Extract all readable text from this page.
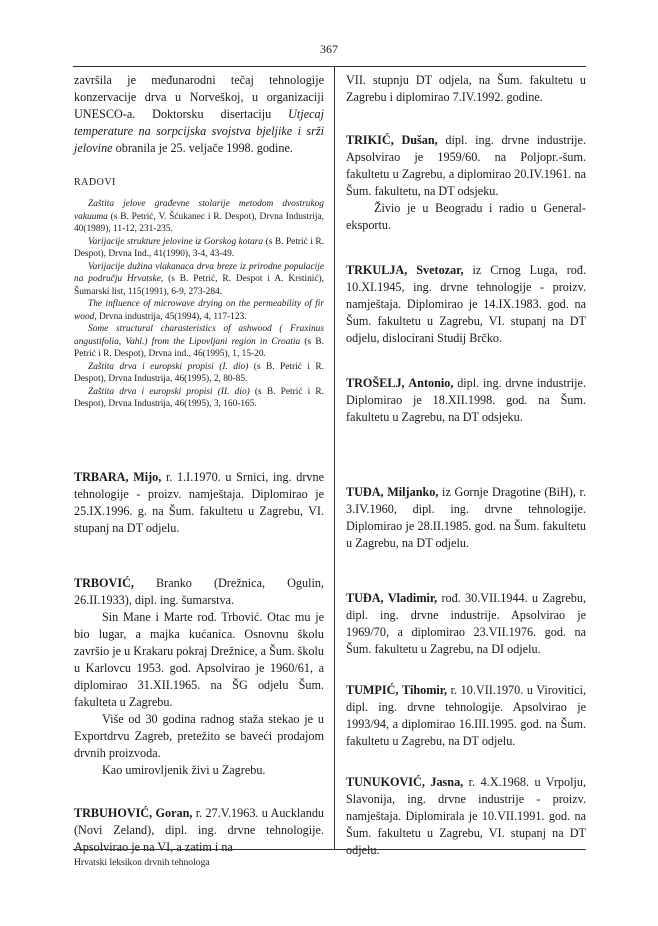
367

završila je međunarodni tečaj tehnologije konzervacije drva u Norveškoj, u organizaciji UNESCO-a. Doktorsku disertaciju Utjecaj temperature na sorpcijska svojstva bjeljike i srži jelovine obranila je 25. veljače 1998. godine.

RADOVI

Zaštita jelove građevne stolarije metodom dvostrukog vakuuma (s B. Petrić, V. Šćukanec i R. Despot), Drvna Industrija, 40(1989), 11-12, 231-235.

Varijacije strukture jelovine iz Gorskog kotara (s B. Petrić i R. Despot), Drvna Ind., 41(1990), 3-4, 43-49.

Varijacije dužina vlakanaca drva breze iz prirodne populacije na području Hrvatske, (s B. Petrić, R. Despot i A. Krstinić), Šumarski list, 115(1991), 6-9, 273-284.

The influence of microwave drying on the permeability of fir wood, Drvna industrija, 45(1994), 4, 117-123.

Some structural charasteristics of ashwood ( Fraxinus angustifolia, Vahl.) from the Lipovljani region in Croatia (s B. Petrić i R. Despot), Drvna ind., 46(1995), 1, 15-20.

Zaštita drva i europski propisi (I. dio) (s B. Petrić i R. Despot), Drvna Industrija, 46(1995), 2, 80-85.

Zaštita drva i europski propisi (II. dio) (s B. Petrić i R. Despot), Drvna Industrija, 46(1995), 3, 160-165.

TRBARA, Mijo, r. 1.I.1970. u Srnici, ing. drvne tehnologije - proizv. namještaja. Diplomirao je 25.IX.1996. g. na Šum. fakultetu u Zagrebu, VI. stupanj na DT odjelu.

TRBOVIĆ, Branko (Drežnica, Ogulin, 26.II.1933), dipl. ing. šumarstva.

Sin Mane i Marte rođ. Trbović. Otac mu je bio lugar, a majka kućanica. Osnovnu školu završio je u Krakaru pokraj Drežnice, a Šum. školu u Karlovcu 1953. god. Apsolvirao je 1960/61, a diplomirao 31.XII.1965. na ŠG odjelu Šum. fakulteta u Zagrebu.

Više od 30 godina radnog staža stekao je u Exportdrvu Zagreb, pretežito se baveći prodajom drvnih proizvoda.

Kao umirovljenik živi u Zagrebu.

TRBUHOVIĆ, Goran, r. 27.V.1963. u Aucklandu (Novi Zeland), dipl. ing. drvne tehnologije. Apsolvirao je na VI, a zatim i na

VII. stupnju DT odjela, na Šum. fakultetu u Zagrebu i diplomirao 7.IV.1992. godine.

TRIKIĆ, Dušan, dipl. ing. drvne industrije. Apsolvirao je 1959/60. na Poljopr.-šum. fakultetu u Zagrebu, a diplomirao 20.IV.1961. na Šum. fakultetu, na DT odsjeku.

Živio je u Beogradu i radio u General-eksportu.

TRKULJA, Svetozar, iz Crnog Luga, rođ. 10.XI.1945, ing. drvne tehnologije - proizv. namještaja. Diplomirao je 14.IX.1983. god. na Šum. fakultetu u Zagrebu, VI. stupanj na DT odjelu, dislocirani Studij Brčko.

TROŠELJ, Antonio, dipl. ing. drvne industrije. Diplomirao je 18.XII.1998. god. na Šum. fakultetu u Zagrebu, na DT odsjeku.

TUĐA, Miljanko, iz Gornje Dragotine (BiH), r. 3.IV.1960, dipl. ing. drvne tehnologije. Diplomirao je 28.II.1985. god. na Šum. fakultetu u Zagrebu, na DT odjelu.

TUĐA, Vladimir, rođ. 30.VII.1944. u Zagrebu, dipl. ing. drvne industrije. Apsolvirao je 1969/70, a diplomirao 23.VII.1976. god. na Šum. fakultetu u Zagrebu, na DI odjelu.

TUMPIĆ, Tihomir, r. 10.VII.1970. u Virovitici, dipl. ing. drvne tehnologije. Apsolvirao je 1993/94, a diplomirao 16.III.1995. god. na Šum. fakultetu u Zagrebu, na DT odjelu.

TUNUKOVIĆ, Jasna, r. 4.X.1968. u Vrpolju, Slavonija, ing. drvne industrije - proizv. namještaja. Diplomirala je 10.VII.1991. god. na Šum. fakultetu u Zagrebu, VI. stupanj na DT odjelu.

Hrvatski leksikon drvnih tehnologa
